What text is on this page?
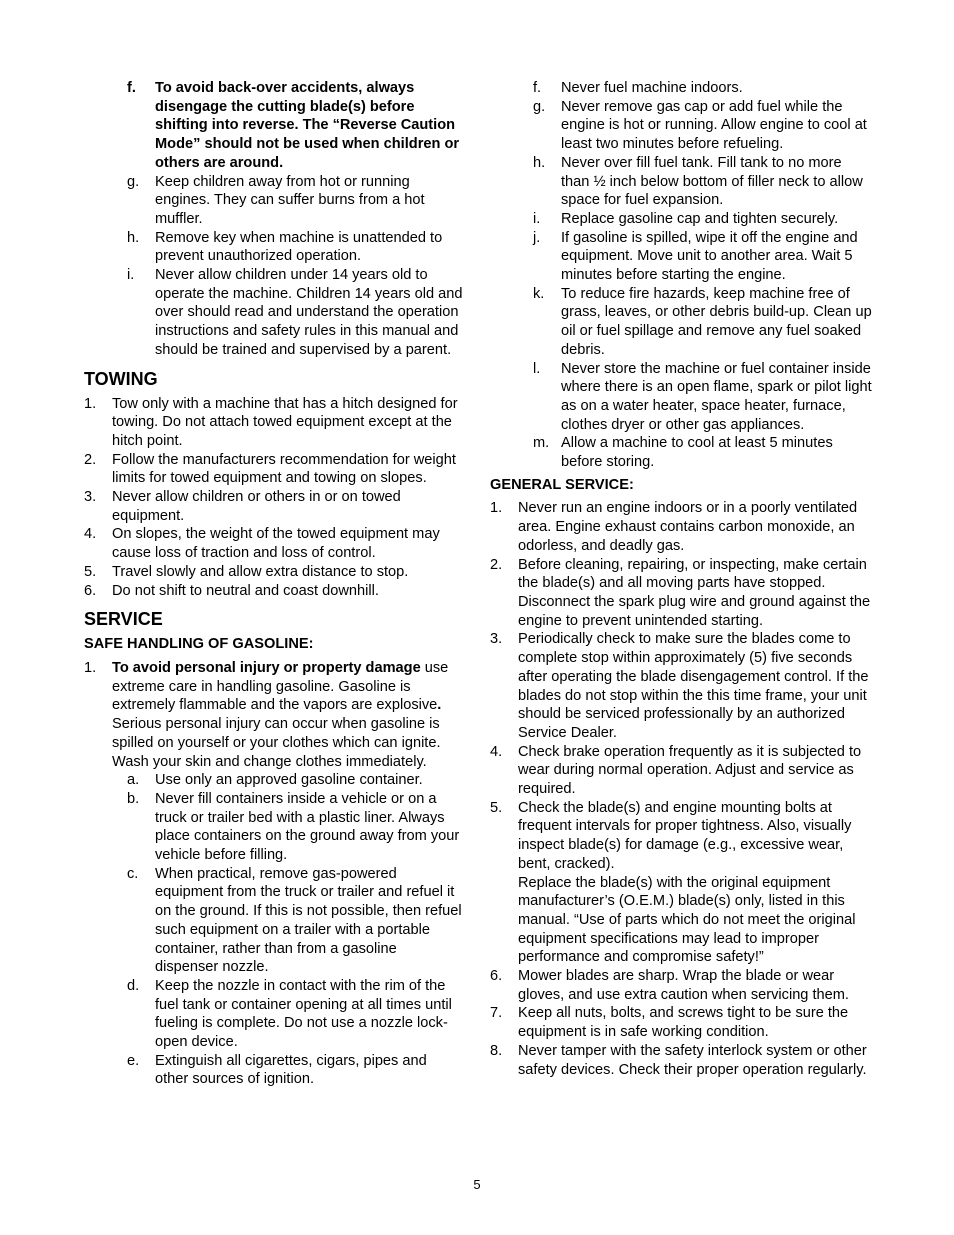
f. To avoid back-over accidents, always disengage the cutting blade(s) before shifting into reverse. The “Reverse Caution Mode” should not be used when children or others are around.
g. Keep children away from hot or running engines. They can suffer burns from a hot muffler.
h. Remove key when machine is unattended to prevent unauthorized operation.
i. Never allow children under 14 years old to operate the machine. Children 14 years old and over should read and understand the operation instructions and safety rules in this manual and should be trained and supervised by a parent.
TOWING
1. Tow only with a machine that has a hitch designed for towing. Do not attach towed equipment except at the hitch point.
2. Follow the manufacturers recommendation for weight limits for towed equipment and towing on slopes.
3. Never allow children or others in or on towed equipment.
4. On slopes, the weight of the towed equipment may cause loss of traction and loss of control.
5. Travel slowly and allow extra distance to stop.
6. Do not shift to neutral and coast downhill.
SERVICE
SAFE HANDLING OF GASOLINE:
1. To avoid personal injury or property damage use extreme care in handling gasoline. Gasoline is extremely flammable and the vapors are explosive. Serious personal injury can occur when gasoline is spilled on yourself or your clothes which can ignite. Wash your skin and change clothes immediately.
a. Use only an approved gasoline container.
b. Never fill containers inside a vehicle or on a truck or trailer bed with a plastic liner. Always place containers on the ground away from your vehicle before filling.
c. When practical, remove gas-powered equipment from the truck or trailer and refuel it on the ground. If this is not possible, then refuel such equipment on a trailer with a portable container, rather than from a gasoline dispenser nozzle.
d. Keep the nozzle in contact with the rim of the fuel tank or container opening at all times until fueling is complete. Do not use a nozzle lock-open device.
e. Extinguish all cigarettes, cigars, pipes and other sources of ignition.
f. Never fuel machine indoors.
g. Never remove gas cap or add fuel while the engine is hot or running. Allow engine to cool at least two minutes before refueling.
h. Never over fill fuel tank. Fill tank to no more than ½ inch below bottom of filler neck to allow space for fuel expansion.
i. Replace gasoline cap and tighten securely.
j. If gasoline is spilled, wipe it off the engine and equipment. Move unit to another area. Wait 5 minutes before starting the engine.
k. To reduce fire hazards, keep machine free of grass, leaves, or other debris build-up. Clean up oil or fuel spillage and remove any fuel soaked debris.
l. Never store the machine or fuel container inside where there is an open flame, spark or pilot light as on a water heater, space heater, furnace, clothes dryer or other gas appliances.
m. Allow a machine to cool at least 5 minutes before storing.
GENERAL SERVICE:
1. Never run an engine indoors or in a poorly ventilated area. Engine exhaust contains carbon monoxide, an odorless, and deadly gas.
2. Before cleaning, repairing, or inspecting, make certain the blade(s) and all moving parts have stopped. Disconnect the spark plug wire and ground against the engine to prevent unintended starting.
3. Periodically check to make sure the blades come to complete stop within approximately (5) five seconds after operating the blade disengagement control. If the blades do not stop within the this time frame, your unit should be serviced professionally by an authorized Service Dealer.
4. Check brake operation frequently as it is subjected to wear during normal operation. Adjust and service as required.
5. Check the blade(s) and engine mounting bolts at frequent intervals for proper tightness. Also, visually inspect blade(s) for damage (e.g., excessive wear, bent, cracked).

Replace the blade(s) with the original equipment manufacturer’s (O.E.M.) blade(s) only, listed in this manual. “Use of parts which do not meet the original equipment specifications may lead to improper performance and compromise safety!”

6. Mower blades are sharp. Wrap the blade or wear gloves, and use extra caution when servicing them.
7. Keep all nuts, bolts, and screws tight to be sure the equipment is in safe working condition.
8. Never tamper with the safety interlock system or other safety devices. Check their proper operation regularly.
5
